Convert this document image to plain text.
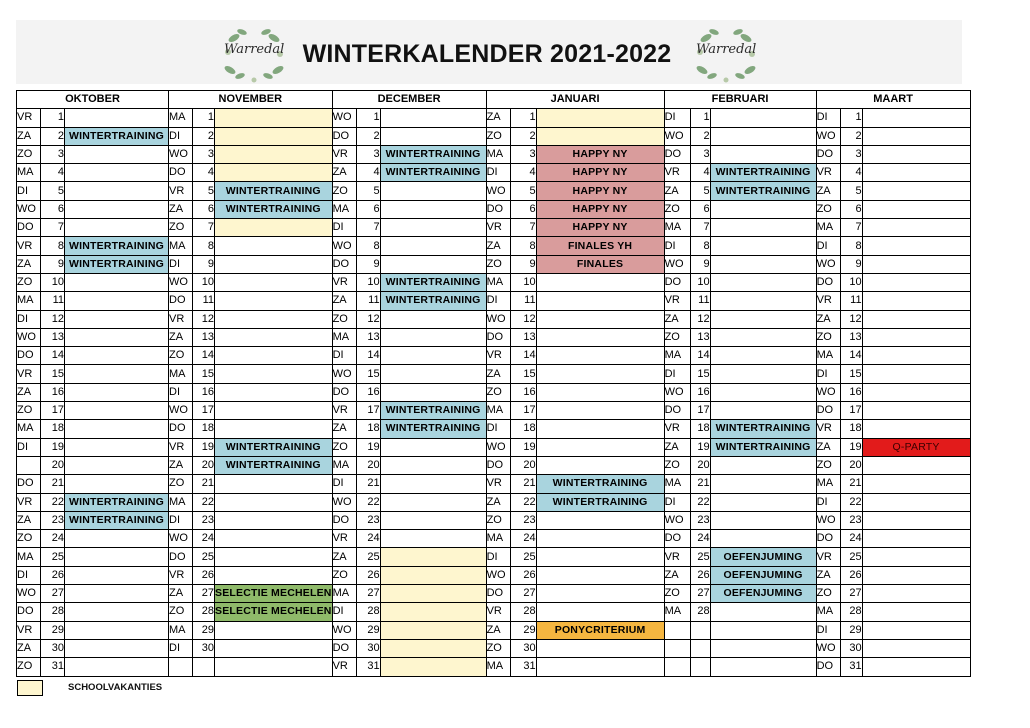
Warredal WINTERKALENDER 2021-2022	Warredal
OKTOBER			NOVEMBER			DECEMBER			JANUARI			FEBRUARI			MAART		
VR	1		MA	1		WO	1		ZA	1		DI	1		DI	1	
ZA	2	WINTERTRAINING	DI	2		DO	2		ZO	2		WO	2		WO	2	
ZO	3		WO	3		VR	3	WINTERTRAINING	MA	3	HAPPY NY	DO	3		DO	3	
MA	4		DO	4		ZA	4	WINTERTRAINING	DI	4	HAPPY NY	VR	4	WINTERTRAINING	VR	4	
DI	5		VR	5	WINTERTRAINING	ZO	5		WO	5	HAPPY NY	ZA	5	WINTERTRAINING	ZA	5	
WO	6		ZA	6	WINTERTRAINING	MA	6		DO	6	HAPPY NY	ZO	6		ZO	6	
DO	7		ZO	7		DI	7		VR	7	HAPPY NY	MA	7		MA	7	
VR	8	WINTERTRAINING	MA	8		WO	8		ZA	8	FINALES YH	DI	8		DI	8	
ZA	9	WINTERTRAINING	DI	9		DO	9		ZO	9	FINALES	WO	9		WO	9	
ZO	10		WO	10		VR	10	WINTERTRAINING	MA	10		DO	10		DO	10	
MA	11		DO	11		ZA	11	WINTERTRAINING	DI	11		VR	11		VR	11	
DI	12		VR	12		ZO	12		WO	12		ZA	12		ZA	12	
WO	13		ZA	13		MA	13		DO	13		ZO	13		ZO	13	
DO	14		ZO	14		DI	14		VR	14		MA	14		MA	14	
VR	15		MA	15		WO	15		ZA	15		DI	15		DI	15	
ZA	16		DI	16		DO	16		ZO	16		WO	16		WO	16	
ZO	17		WO	17		VR	17	WINTERTRAINING	MA	17		DO	17		DO	17	
MA	18		DO	18		ZA	18	WINTERTRAINING	DI	18		VR	18	WINTERTRAINING	VR	18	
DI	19		VR	19	WINTERTRAINING	ZO	19		WO	19		ZA	19	WINTERTRAINING	ZA	19	Q-PARTY
	20		ZA	20	WINTERTRAINING	MA	20		DO	20		ZO	20		ZO	20	
DO	21		ZO	21		DI	21		VR	21	WINTERTRAINING	MA	21		MA	21	
VR	22	WINTERTRAINING	MA	22		WO	22		ZA	22	WINTERTRAINING	DI	22		DI	22	
ZA	23	WINTERTRAINING	DI	23		DO	23		ZO	23		WO	23		WO	23	
ZO	24		WO	24		VR	24		MA	24		DO	24		DO	24	
MA	25		DO	25		ZA	25		DI	25		VR	25	OEFENJUMING	VR	25	
DI	26		VR	26		ZO	26		WO	26		ZA	26	OEFENJUMING	ZA	26	
WO	27		ZA	27	SELECTIE MECHELEN	MA	27		DO	27		ZO	27	OEFENJUMING	ZO	27	
DO	28		ZO	28	SELECTIE MECHELEN	DI	28		VR	28		MA	28		MA	28	
VR	29		MA	29		WO	29		ZA	29	PONYCRITERIUM				DI	29	
ZA	30		DI	30		DO	30		ZO	30					WO	30	
ZO	31					VR	31		MA	31					DO	31	
SCHOOLVAKANTIES
